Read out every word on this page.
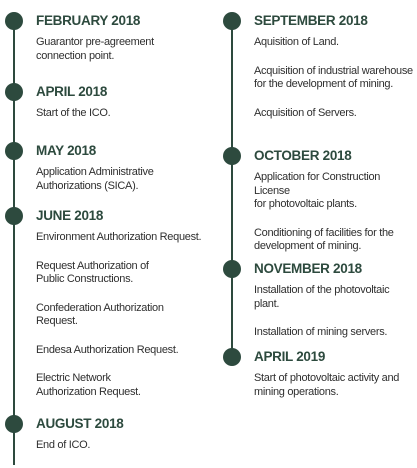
FEBRUARY 2018
Guarantor pre-agreement
connection point.
APRIL 2018
Start of the ICO.
MAY 2018
Application Administrative
Authorizations (SICA).
JUNE 2018
Environment Authorization Request.
Request Authorization of
Public Constructions.
Confederation Authorization Request.
Endesa Authorization Request.
Electric Network
Authorization Request.
AUGUST 2018
End of ICO.
SEPTEMBER 2018
Aquisition of Land.
Acquisition of industrial warehouse
for the development of mining.
Acquisition of Servers.
OCTOBER 2018
Application for Construction License
for photovoltaic plants.
Conditioning of facilities for the
development of mining.
NOVEMBER 2018
Installation of the photovoltaic plant.
Installation of mining servers.
APRIL 2019
Start of photovoltaic activity and
mining operations.
